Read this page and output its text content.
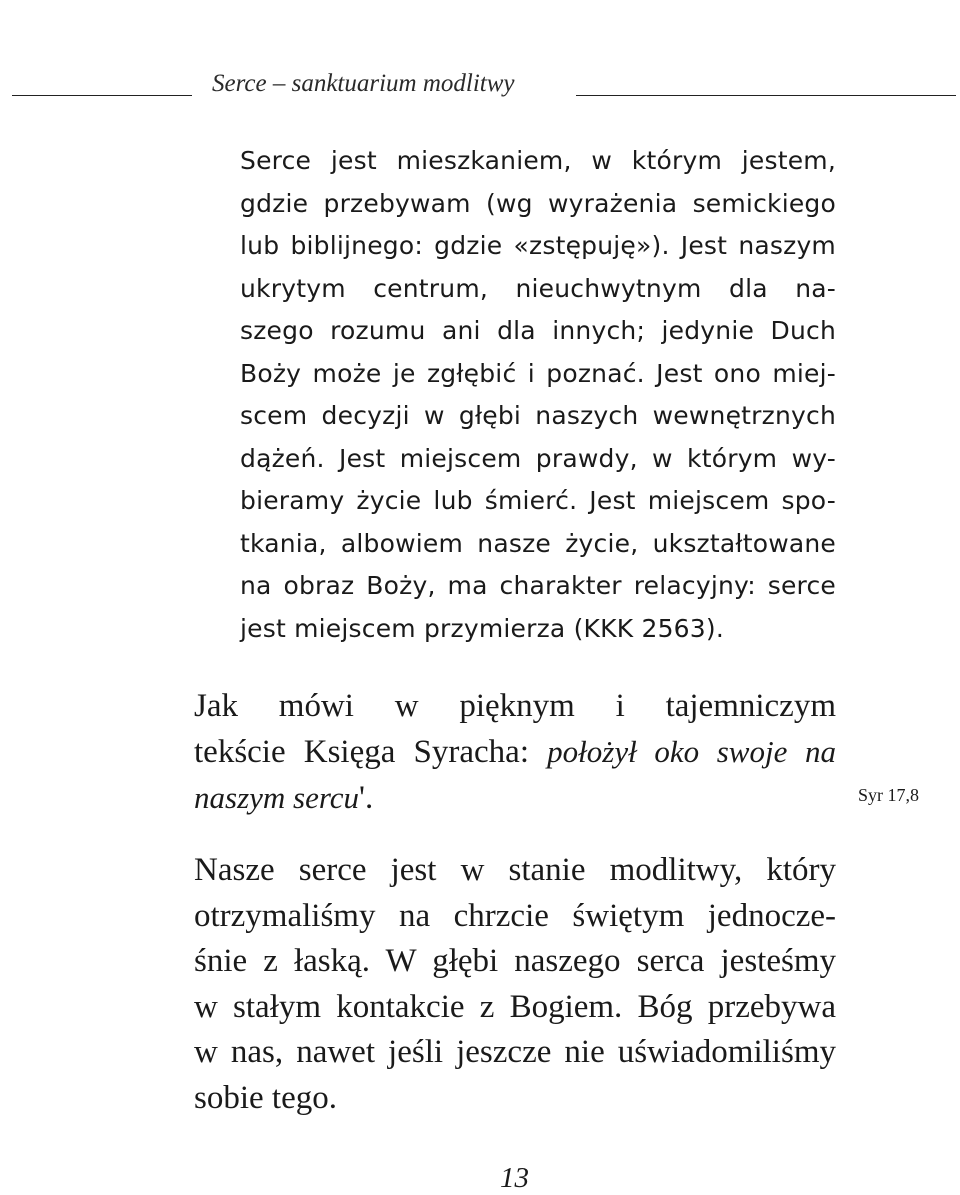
Serce – sanktuarium modlitwy
Serce jest mieszkaniem, w którym jestem,
gdzie przebywam (wg wyrażenia semickiego
lub biblijnego: gdzie «zstępuję»). Jest naszym
ukrytym centrum, nieuchwytnym dla na-
szego rozumu ani dla innych; jedynie Duch
Boży może je zgłębić i poznać. Jest ono miej-
scem decyzji w głębi naszych wewnętrznych
dążeń. Jest miejscem prawdy, w którym wy-
bieramy życie lub śmierć. Jest miejscem spo-
tkania, albowiem nasze życie, ukształtowane
na obraz Boży, ma charakter relacyjny: serce
jest miejscem przymierza (KKK 2563).
Jak mówi w pięknym i tajemniczym
tekście Księga Syracha: położył oko swoje na
naszym sercu'.	Syr 17,8
Nasze serce jest w stanie modlitwy, który
otrzymaliśmy na chrzcie świętym jednocze-
śnie z łaską. W głębi naszego serca jesteśmy
w stałym kontakcie z Bogiem. Bóg przebywa
w nas, nawet jeśli jeszcze nie uświadomiliśmy
sobie tego.
13
